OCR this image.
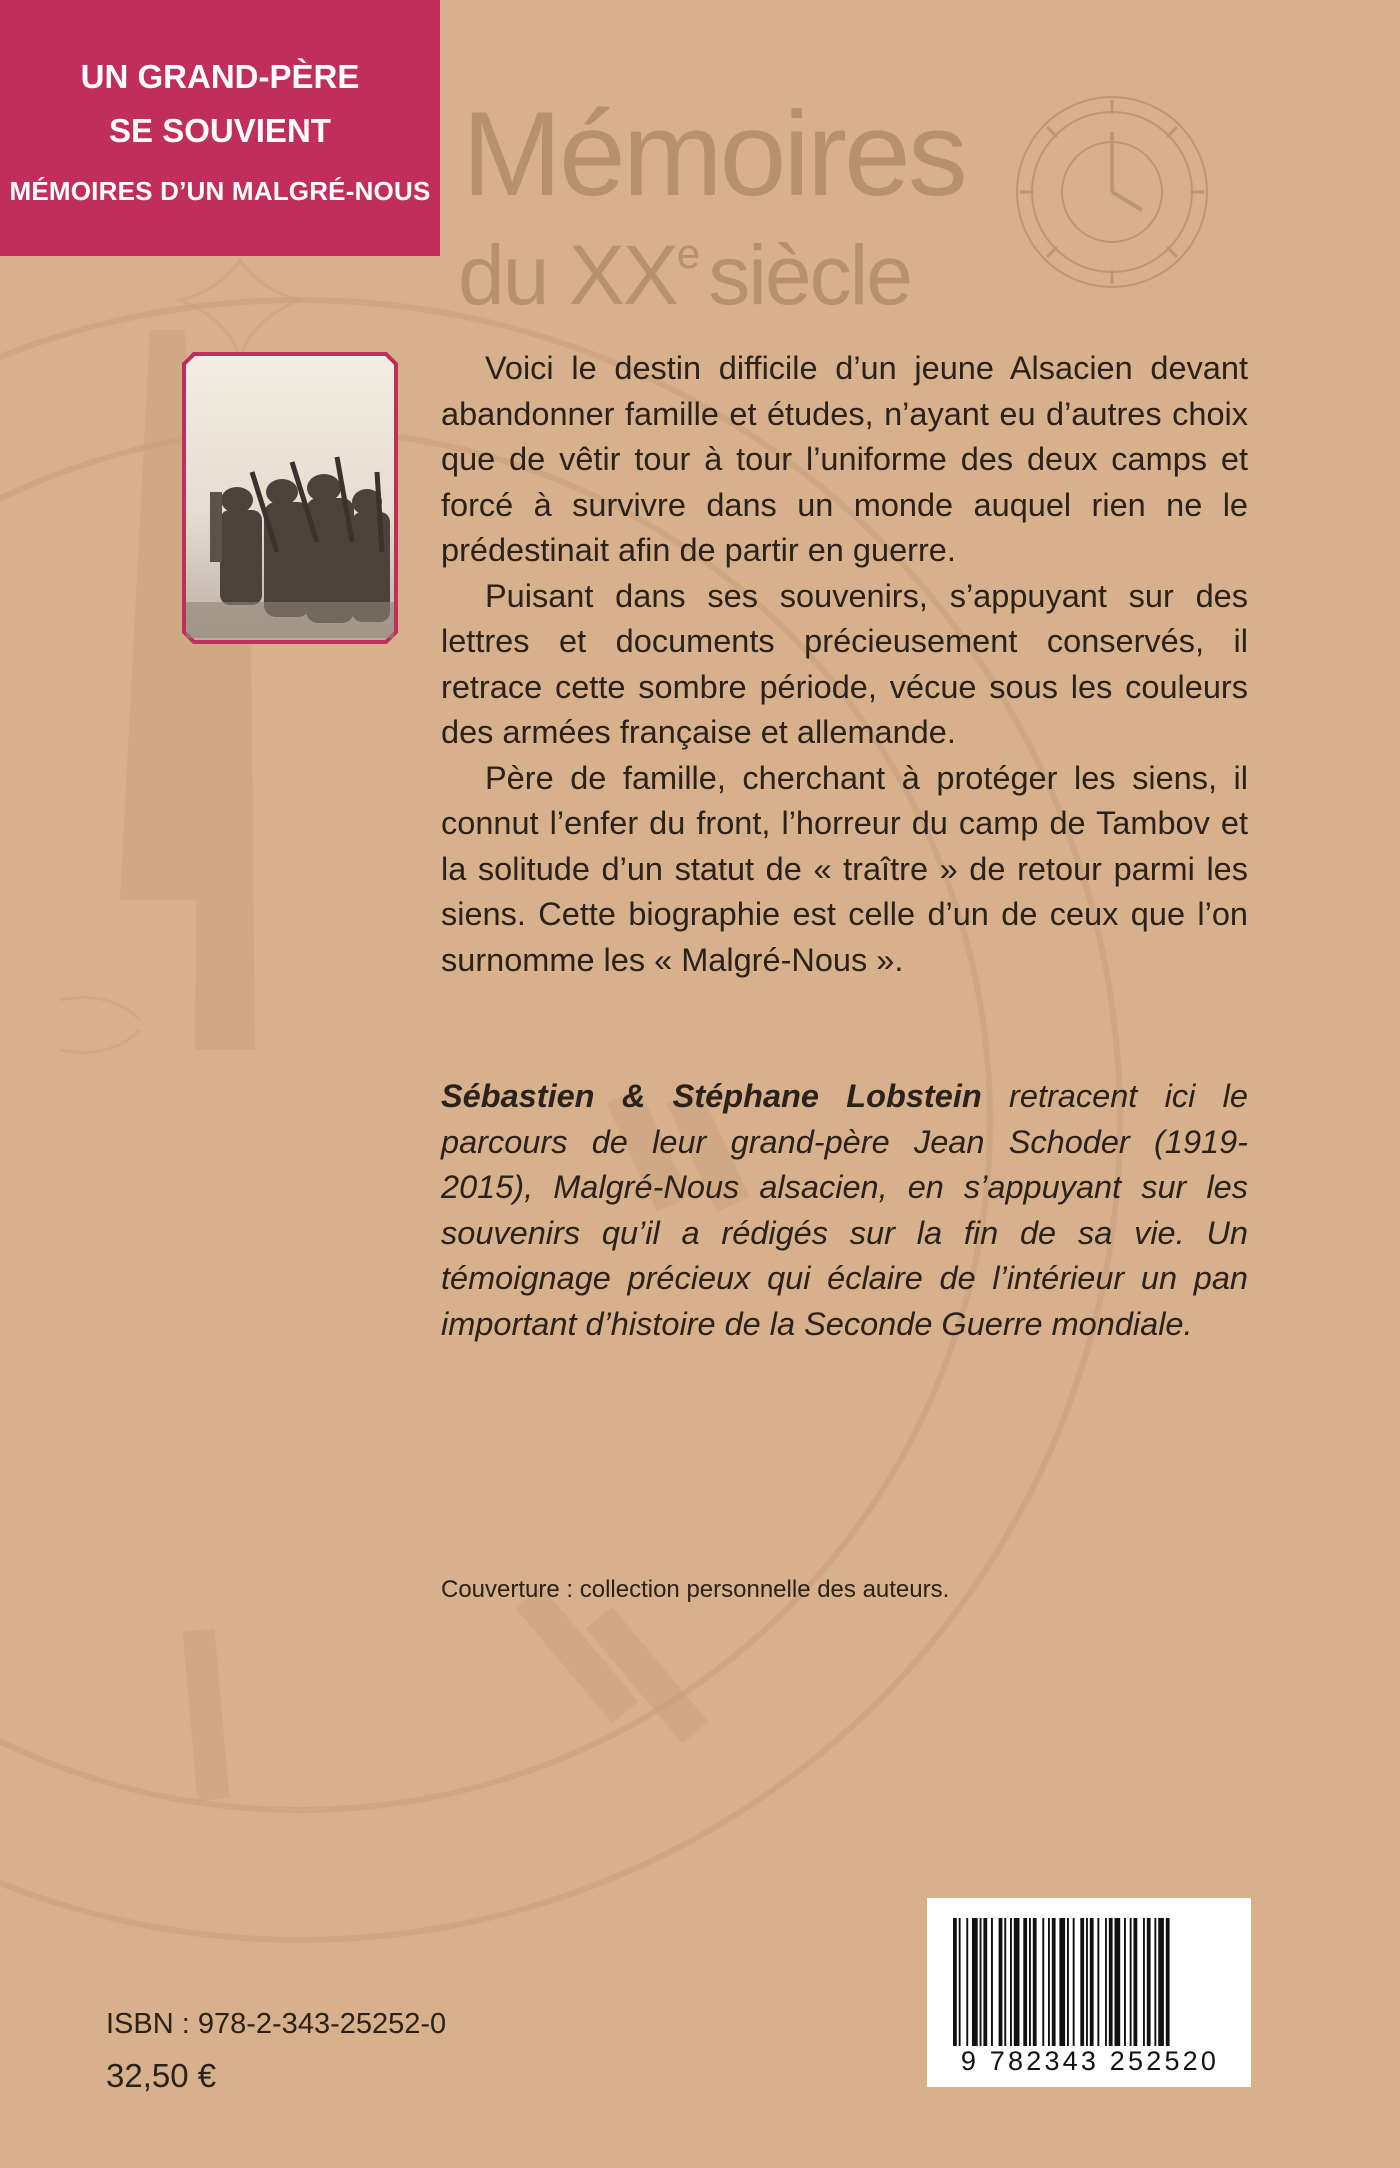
UN GRAND-PÈRE
SE SOUVIENT
MÉMOIRES D’UN MALGRÉ-NOUS Mémoires
du XXe siècle

Voici le destin difficile d’un jeune Alsacien devant abandonner famille et études, n’ayant eu d’autres choix que de vêtir tour à tour l’uniforme des deux camps et forcé à survivre dans un monde auquel rien ne le prédestinait afin de partir en guerre.

Puisant dans ses souvenirs, s’appuyant sur des lettres et documents précieusement conservés, il retrace cette sombre période, vécue sous les couleurs des armées française et allemande.

Père de famille, cherchant à protéger les siens, il connut l’enfer du front, l’horreur du camp de Tambov et la solitude d’un statut de « traître » de retour parmi les siens. Cette biographie est celle d’un de ceux que l’on surnomme les « Malgré-Nous ».

Sébastien & Stéphane Lobstein retracent ici le parcours de leur grand-père Jean Schoder (1919-2015), Malgré-Nous alsacien, en s’appuyant sur les souvenirs qu’il a rédigés sur la fin de sa vie. Un témoignage précieux qui éclaire de l’intérieur un pan important d’histoire de la Seconde Guerre mondiale.
Couverture : collection personnelle des auteurs.
ISBN : 978-2-343-25252-0
32,50 €	9 782343 252520
